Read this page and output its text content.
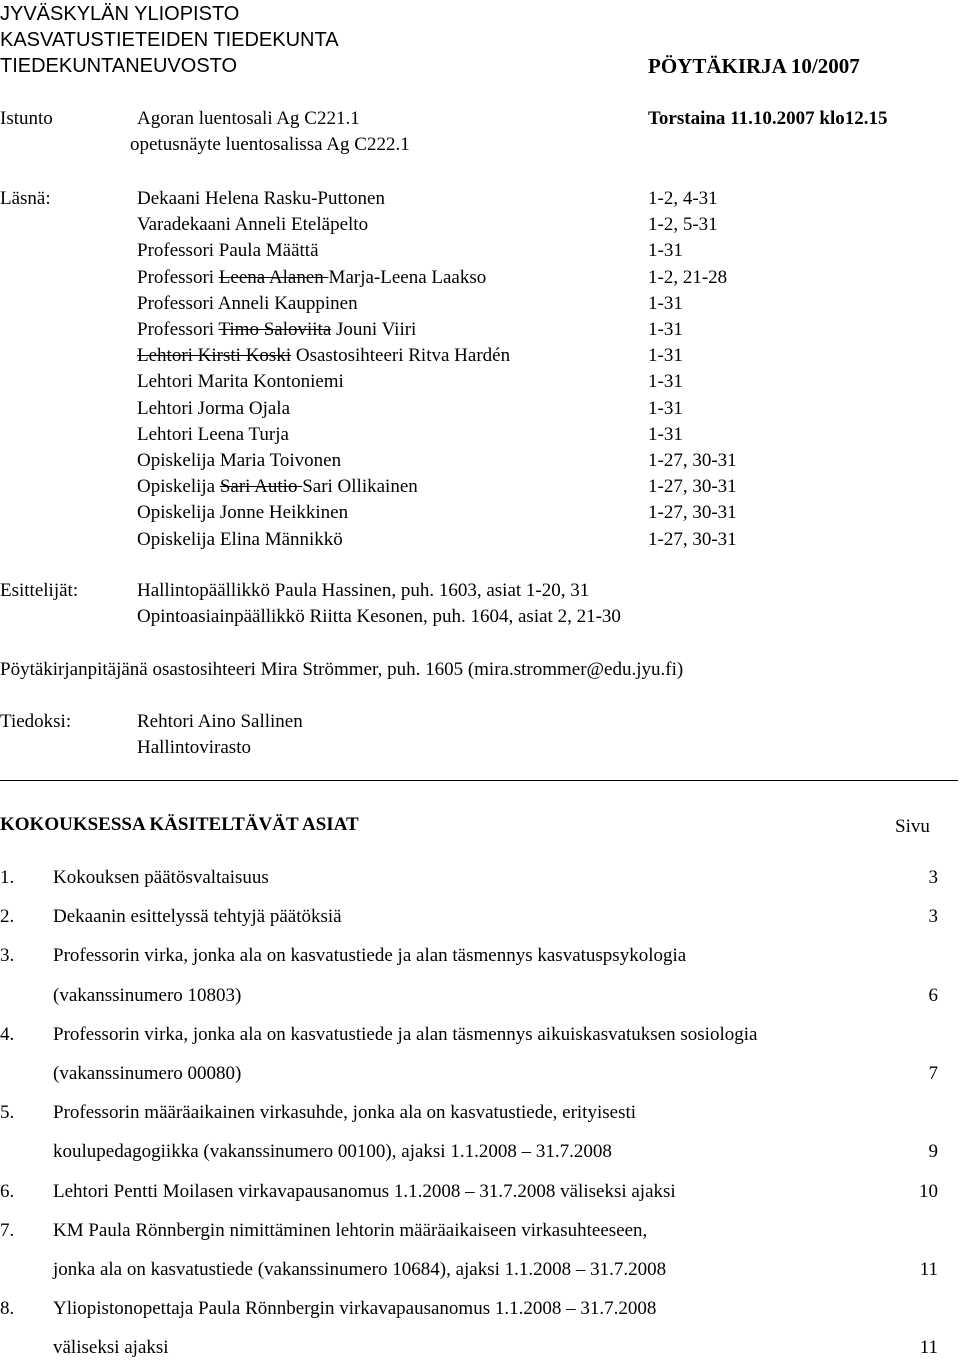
JYVÄSKYLÄN YLIOPISTO
KASVATUSTIETEIDEN TIEDEKUNTA
TIEDEKUNTANEUVOSTO	PÖYTÄKIRJA 10/2007
Istunto	Agoran luentosali Ag C221.1	Torstaina 11.10.2007 klo12.15
opetusnäyte luentosalissa Ag C222.1
Läsnä:	Dekaani Helena Rasku-Puttonen	1-2, 4-31
Varadekaani Anneli Eteläpelto	1-2, 5-31
Professori Paula Määttä	1-31
Professori Leena Alanen Marja-Leena Laakso	1-2, 21-28
Professori Anneli Kauppinen	1-31
Professori Timo Saloviita Jouni Viiri	1-31
Lehtori Kirsti Koski Osastosihteeri Ritva Hardén	1-31
Lehtori Marita Kontoniemi	1-31
Lehtori Jorma Ojala	1-31
Lehtori Leena Turja	1-31
Opiskelija Maria Toivonen	1-27, 30-31
Opiskelija Sari Autio Sari Ollikainen	1-27, 30-31
Opiskelija Jonne Heikkinen	1-27, 30-31
Opiskelija Elina Männikkö	1-27, 30-31
Esittelijät:	Hallintopäällikkö Paula Hassinen, puh. 1603, asiat 1-20, 31
Opintoasiainpäällikkö Riitta Kesonen, puh. 1604, asiat 2, 21-30
Pöytäkirjanpitäjänä osastosihteeri Mira Strömmer, puh. 1605 (mira.strommer@edu.jyu.fi)
Tiedoksi:	Rehtori Aino Sallinen
Hallintovirasto
KOKOUKSESSA KÄSITELTÄVÄT ASIAT	Sivu
1. Kokouksen päätösvaltaisuus	3
2. Dekaanin esittelyssä tehtyjä päätöksiä	3
3. Professorin virka, jonka ala on kasvatustiede ja alan täsmennys kasvatuspsykologia
(vakanssinumero 10803)	6
4. Professorin virka, jonka ala on kasvatustiede ja alan täsmennys aikuiskasvatuksen sosiologia
(vakanssinumero 00080)	7
5. Professorin määräaikainen virkasuhde, jonka ala on kasvatustiede, erityisesti
koulupedagogiikka (vakanssinumero 00100), ajaksi 1.1.2008 – 31.7.2008	9
6. Lehtori Pentti Moilasen virkavapausanomus 1.1.2008 – 31.7.2008 väliseksi ajaksi	10
7. KM Paula Rönnbergin nimittäminen lehtorin määräaikaiseen virkasuhteeseen,
jonka ala on kasvatustiede (vakanssinumero 10684), ajaksi 1.1.2008 – 31.7.2008	11
8. Yliopistonopettaja Paula Rönnbergin virkavapausanomus 1.1.2008 – 31.7.2008
väliseksi ajaksi	11
